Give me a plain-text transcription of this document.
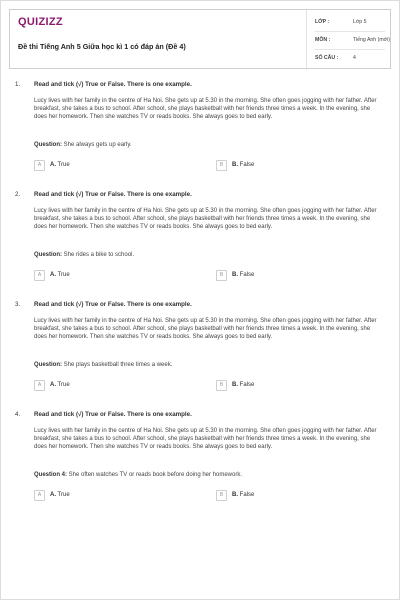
QUIZIZZ
Đề thi Tiếng Anh 5 Giữa học kì 1 có đáp án (Đề 4)
LỚP :	Lớp 5
MÔN :	Tiếng Anh (mới)
SỐ CÂU :	4
1. Read and tick (√) True or False. There is one example.
Lucy lives with her family in the centre of Ha Noi. She gets up at 5.30 in the morning. She often goes jogging with her father. After breakfast, she takes a bus to school. After school, she plays basketball with her friends three times a week. In the evening, she does her homework. Then she watches TV or reads books. She always goes to bed early.
Question: She always gets up early.
A	A. True	B	B. False
2. Read and tick (√) True or False. There is one example.
Lucy lives with her family in the centre of Ha Noi. She gets up at 5.30 in the morning. She often goes jogging with her father. After breakfast, she takes a bus to school. After school, she plays basketball with her friends three times a week. In the evening, she does her homework. Then she watches TV or reads books. She always goes to bed early.
Question: She rides a bike to school.
A	A. True	B	B. False
3. Read and tick (√) True or False. There is one example.
Lucy lives with her family in the centre of Ha Noi. She gets up at 5.30 in the morning. She often goes jogging with her father. After breakfast, she takes a bus to school. After school, she plays basketball with her friends three times a week. In the evening, she does her homework. Then she watches TV or reads books. She always goes to bed early.
Question: She plays basketball three times a week.
A	A. True	B	B. False
4. Read and tick (√) True or False. There is one example.
Lucy lives with her family in the centre of Ha Noi. She gets up at 5.30 in the morning. She often goes jogging with her father. After breakfast, she takes a bus to school. After school, she plays basketball with her friends three times a week. In the evening, she does her homework. Then she watches TV or reads books. She always goes to bed early.
Question 4: She often watches TV or reads book before doing her homework.
A	A. True	B	B. False
